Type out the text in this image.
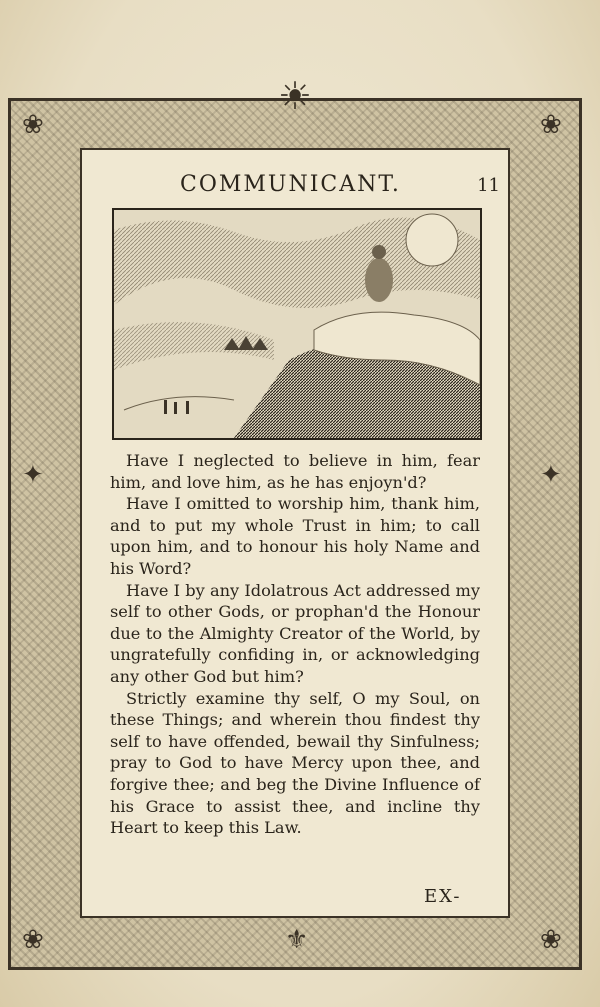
☀
❀	❀
❀	❀
⚜
✦	✦
COMMUNICANT.	11

Have I neglected to believe in him, fear him, and love him, as he has enjoyn'd?

Have I omitted to worship him, thank him, and to put my whole Trust in him; to call upon him, and to honour his holy Name and his Word?

Have I by any Idolatrous Act addressed my self to other Gods, or prophan'd the Honour due to the Almighty Creator of the World, by ungratefully confiding in, or acknowledging any other God but him?

Strictly examine thy self, O my Soul, on these Things; and wherein thou findest thy self to have offended, bewail thy Sinfulness; pray to God to have Mercy upon thee, and forgive thee; and beg the Divine Influence of his Grace to assist thee, and incline thy Heart to keep this Law.

EX-
